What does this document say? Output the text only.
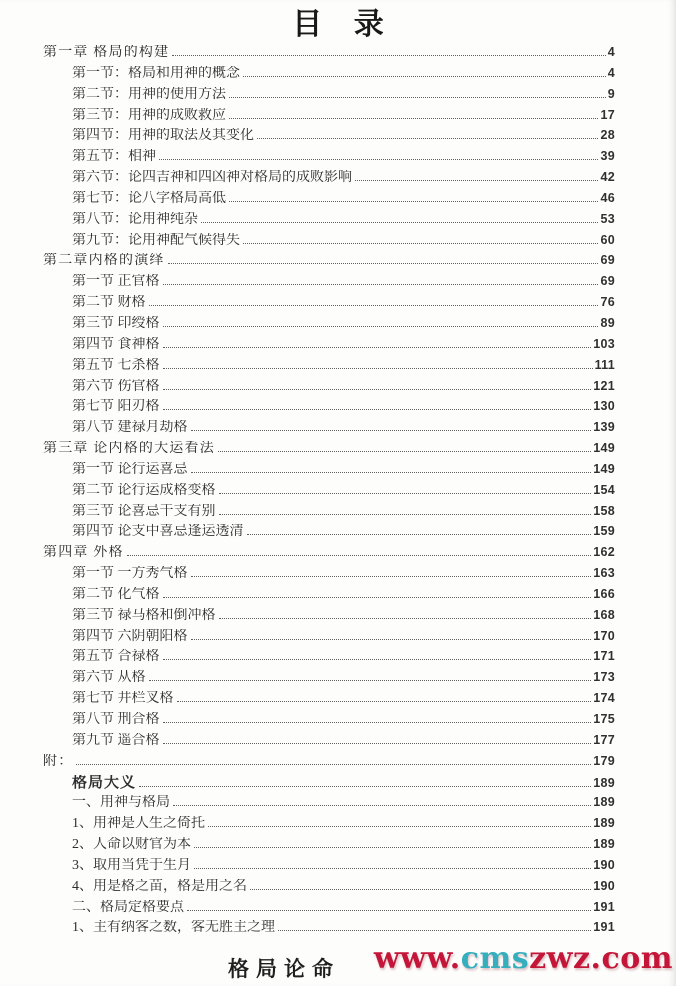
目 录
第一章 格局的构建	4
第一节：格局和用神的概念	4
第二节：用神的使用方法	9
第三节：用神的成败救应	17
第四节：用神的取法及其变化	28
第五节：相神	39
第六节：论四吉神和四凶神对格局的成败影响	42
第七节：论八字格局高低	46
第八节：论用神纯杂	53
第九节：论用神配气候得失	60
第二章内格的演绎	69
第一节 正官格	69
第二节 财格	76
第三节 印绶格	89
第四节 食神格	103
第五节 七杀格	111
第六节 伤官格	121
第七节 阳刃格	130
第八节 建禄月劫格	139
第三章 论内格的大运看法	149
第一节 论行运喜忌	149
第二节 论行运成格变格	154
第三节 论喜忌干支有别	158
第四节 论支中喜忌逢运透清	159
第四章 外格	162
第一节 一方秀气格	163
第二节 化气格	166
第三节 禄马格和倒冲格	168
第四节 六阴朝阳格	170
第五节 合禄格	171
第六节 从格	173
第七节 井栏叉格	174
第八节 刑合格	175
第九节 遥合格	177
附：	179
格局大义	189
一、用神与格局	189
1、用神是人生之倚托	189
2、人命以财官为本	189
3、取用当凭于生月	190
4、用是格之苗，格是用之名	190
二、格局定格要点	191
1、主有纳客之数，客无胜主之理	191
格局论命 www.cmszwz.com
